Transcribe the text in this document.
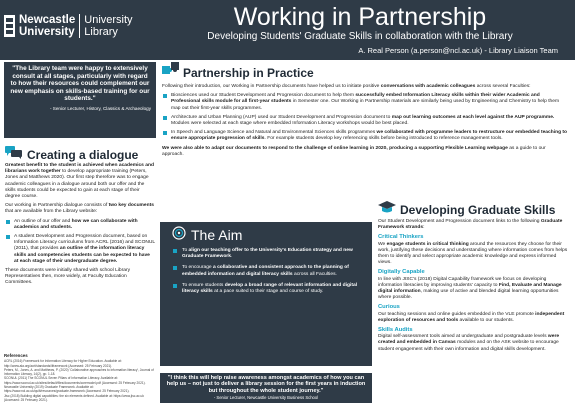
Newcastle
University
University
Library
Working in Partnership
Developing Students' Graduate Skills in collaboration with the Library
A. Real Person (a.person@ncl.ac.uk) - Library Liaison Team
"The Library team were happy to extensively consult at all stages, particularly with regard to how their resources could complement our new emphasis on skills-based training for our students."
- Senior Lecturer, History, Classics & Archaeology
Creating a dialogue

Greatest benefit to the student is achieved when academics and librarians work together to develop appropriate training (Peters, Jones and Matthews 2020). Our first step therefore was to engage academic colleagues in a dialogue around both our offer and the skills students could be expected to gain at each stage of their degree course.

Our working in Partnership dialogue consists of two key documents that are available from the Library website:

An outline of our offer and how we can collaborate with academics and students.
A student Development and Progression document, based on Information Literacy curriculums from ACRL (2016) and SCONUL (2011), that provides an outline of the information literacy skills and competencies students can be expected to have at each stage of their undergraduate degree.

These documents were initially shared with school Library Representatives then, more widely, at Faculty Education Committees.

References
ACRL (2016) Framework for Information Literacy for Higher Education. Available at: http://www.ala.org/acrl/standards/ilframework (Accessed: 25 February 2021).
Peters, M., Jones, A. and Matthews, P. (2020) 'Collaborative approaches to information literacy', Journal of Information Literacy, 14(2), pp. 1-18.
SCONUL (2011) The SCONUL Seven Pillars of Information Literacy. Available at: https://www.sconul.ac.uk/sites/default/files/documents/coremodel.pdf (Accessed: 25 February 2021).
Newcastle University (2019) Graduate Framework. Available at: https://www.ncl.ac.uk/quilt/resources/graduate-framework (Accessed: 25 February 2021).
Jisc (2018) Building digital capabilities: the six elements defined. Available at: https://www.jisc.ac.uk (Accessed: 25 February 2021).
Partnership in Practice

Following their introduction, our Working in Partnership documents have helped us to initiate positive conversations with academic colleagues across several Faculties:

Biosciences used our Student Development and Progression document to help them successfully embed Information Literacy skills within their wider Academic and Professional skills module for all first-year students in Semester one. Our Working in Partnership materials are similarly being used by Engineering and Chemistry to help them map out their first-year skills programmes.
Architecture and Urban Planning (AUP) used our Student Development and Progression document to map out learning outcomes at each level against the AUP programme. Modules were selected at each stage where embedded Information Literacy workshops would be best placed.
In Speech and Language Science and Natural and Environmental Sciences skills programmes we collaborated with programme leaders to restructure our embedded teaching to ensure appropriate progression of skills. For example students develop key referencing skills before being introduced to reference management tools.

We were also able to adapt our documents to respond to the challenge of online learning in 2020, producing a supporting Flexible Learning webpage as a guide to our approach.

The Aim
To align our teaching offer to the University's Education strategy and new Graduate Framework.
To encourage a collaborative and consistent approach to the planning of embedded information and digital literacy skills across all Faculties.
To ensure students develop a broad range of relevant information and digital literacy skills at a pace suited to their stage and course of study.
"I think this will help raise awareness amongst academics of how you can help us – not just to deliver a library session for the first years in induction but throughout the whole student journey."
- Senior Lecturer, Newcastle University Business School
Developing Graduate Skills

Our Student Development and Progression document links to the following Graduate Framework strands:

Critical Thinkers

We engage students in critical thinking around the resources they choose for their work, justifying these decisions and understanding where information comes from helps them to identify and select appropriate academic knowledge and express informed views.

Digitally Capable

In line with JISC's (2018) Digital Capability framework we focus on developing information literacies by improving students' capacity to Find, Evaluate and Manage digital information, making use of active and blended digital learning opportunities where possible.

Curious

Our teaching sessions and online guides embedded in the VLE promote independent exploration of resources and tools available to our students.

Skills Audits

Digital self-assessment tools aimed at undergraduate and postgraduate levels were created and embedded in Canvas modules and on the ASK website to encourage student engagement with their own information and digital skills development.
